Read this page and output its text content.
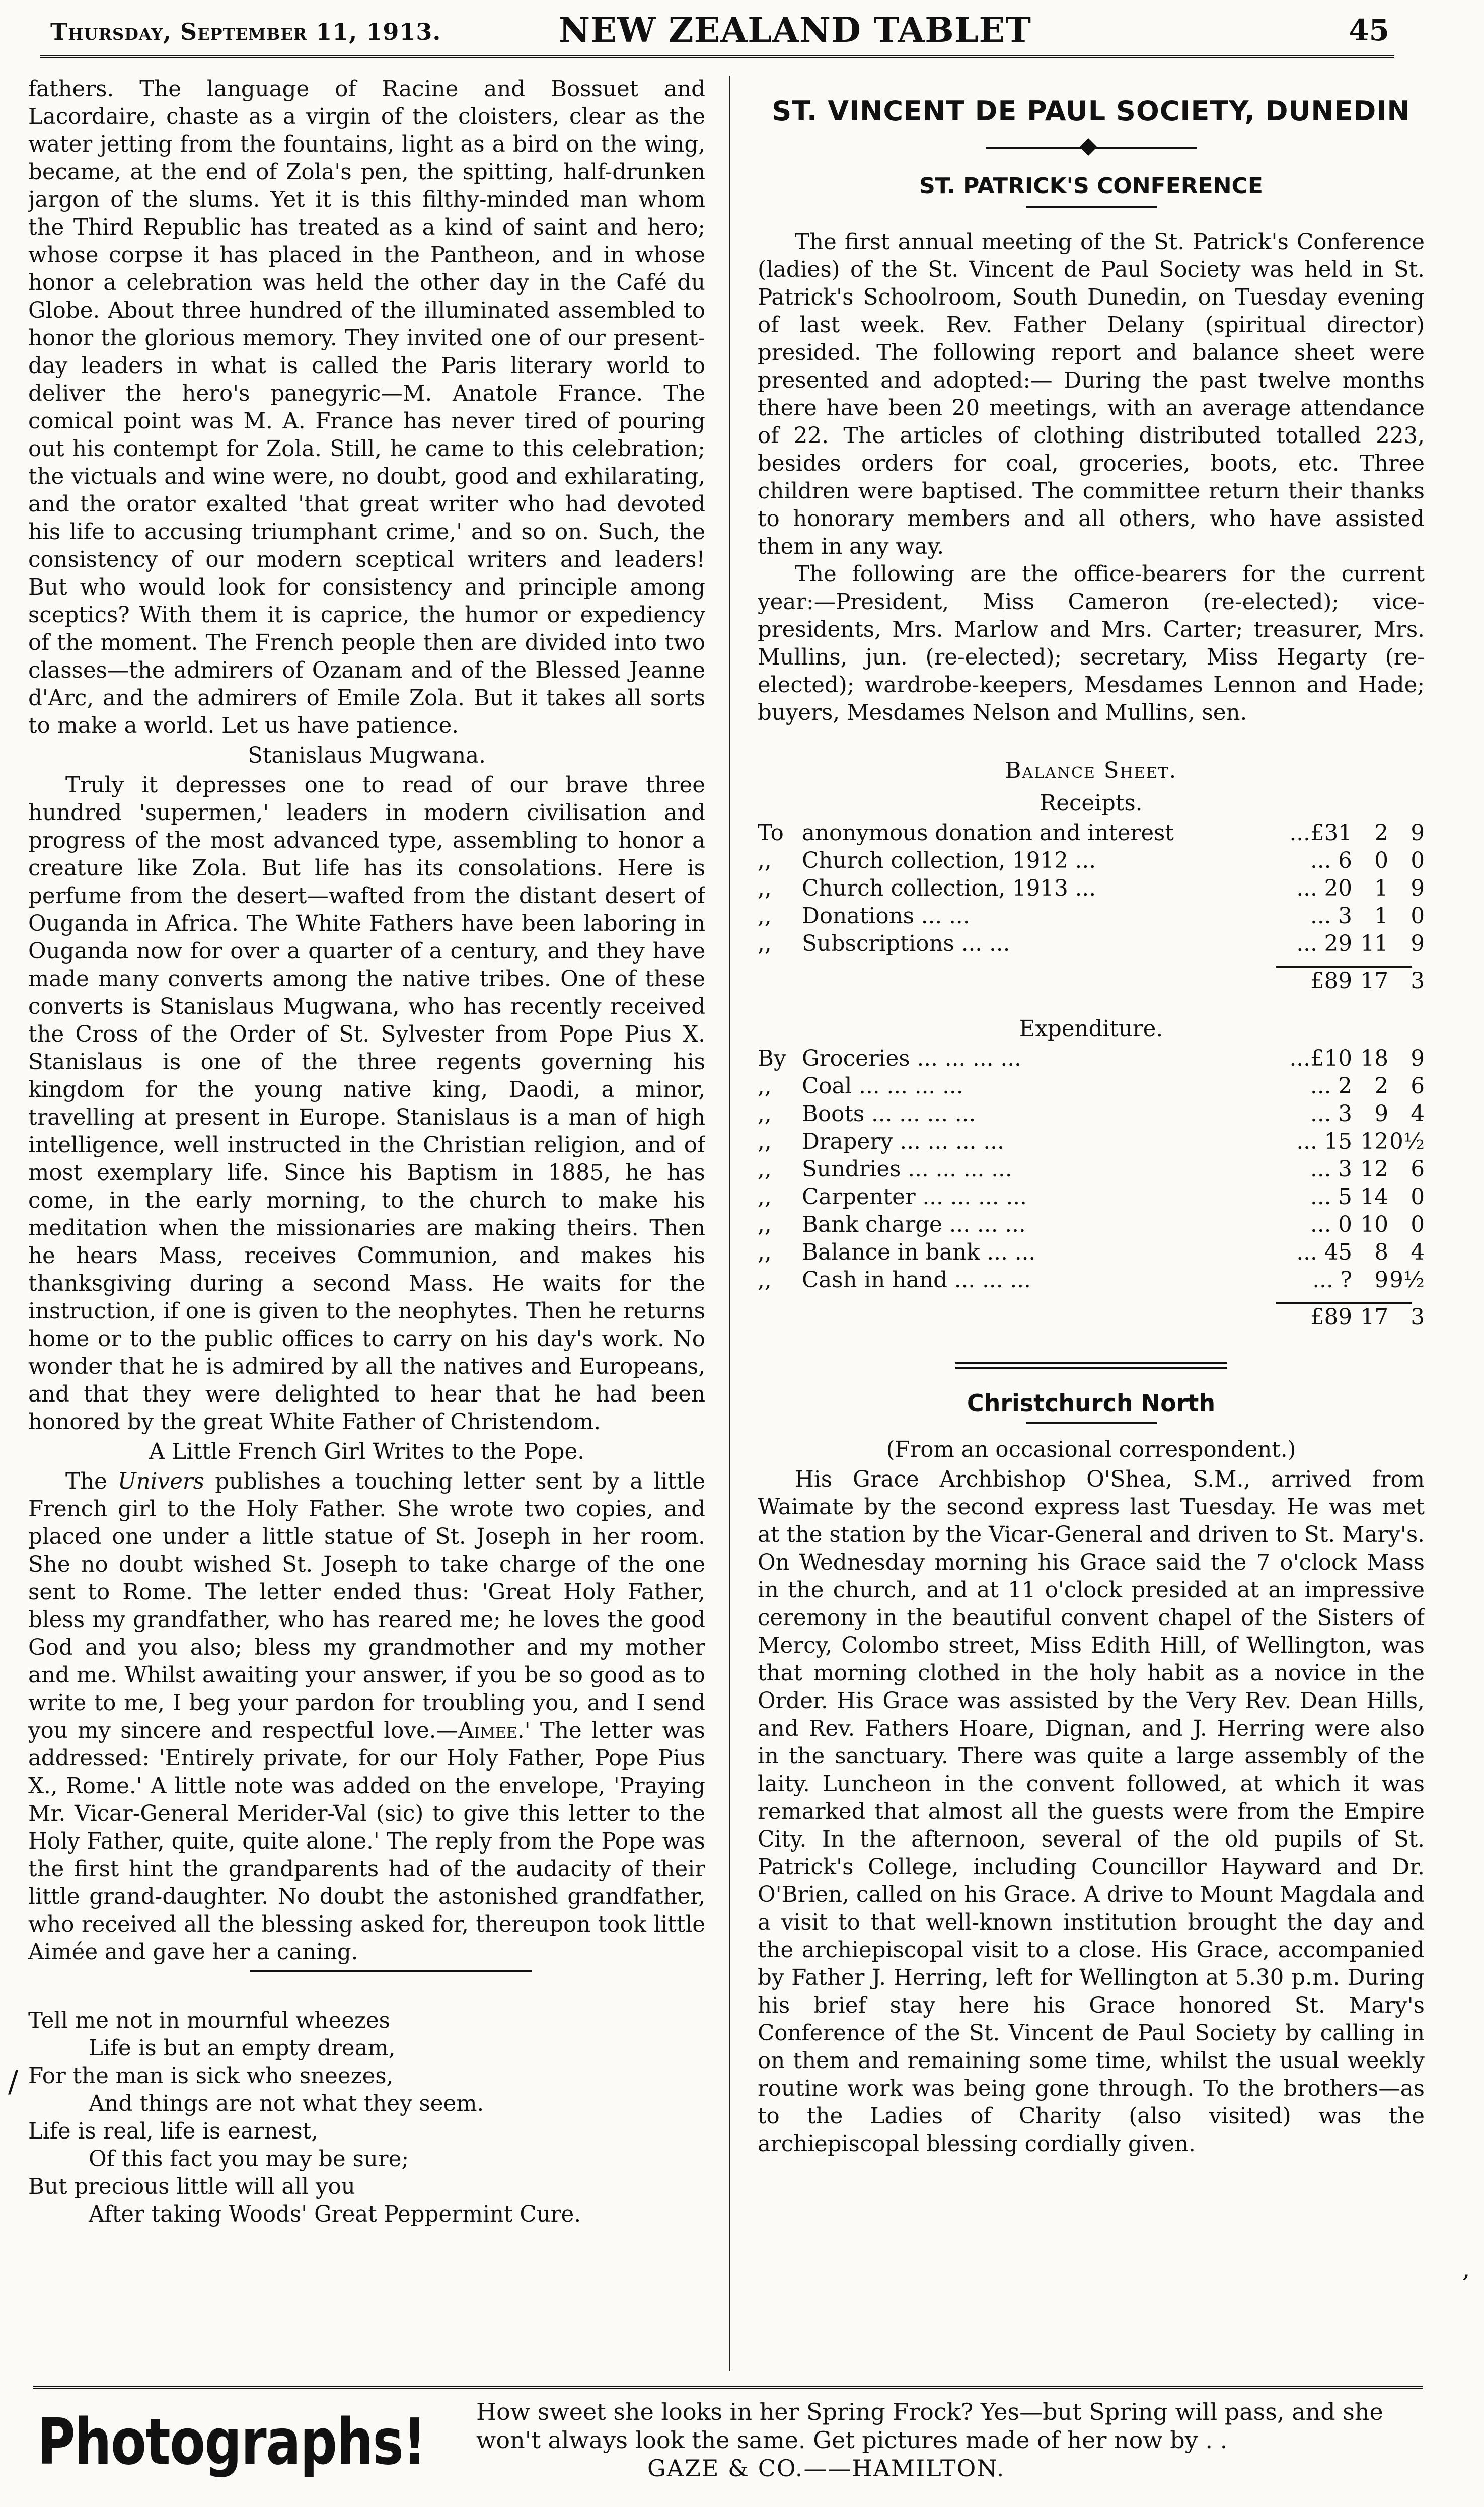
Thursday, September 11, 1913.	NEW ZEALAND TABLET	45

fathers. The language of Racine and Bossuet and Lacordaire, chaste as a virgin of the cloisters, clear as the water jetting from the fountains, light as a bird on the wing, became, at the end of Zola's pen, the spitting, half-drunken jargon of the slums. Yet it is this filthy-minded man whom the Third Republic has treated as a kind of saint and hero; whose corpse it has placed in the Pantheon, and in whose honor a celebration was held the other day in the Café du Globe. About three hundred of the illuminated assembled to honor the glorious memory. They invited one of our present-day leaders in what is called the Paris literary world to deliver the hero's panegyric—M. Anatole France. The comical point was M. A. France has never tired of pouring out his contempt for Zola. Still, he came to this celebration; the victuals and wine were, no doubt, good and exhilarating, and the orator exalted 'that great writer who had devoted his life to accusing triumphant crime,' and so on. Such, the consistency of our modern sceptical writers and leaders! But who would look for consistency and principle among sceptics? With them it is caprice, the humor or expediency of the moment. The French people then are divided into two classes—the admirers of Ozanam and of the Blessed Jeanne d'Arc, and the admirers of Emile Zola. But it takes all sorts to make a world. Let us have patience.

Stanislaus Mugwana.

Truly it depresses one to read of our brave three hundred 'supermen,' leaders in modern civilisation and progress of the most advanced type, assembling to honor a creature like Zola. But life has its consolations. Here is perfume from the desert—wafted from the distant desert of Ouganda in Africa. The White Fathers have been laboring in Ouganda now for over a quarter of a century, and they have made many converts among the native tribes. One of these converts is Stanislaus Mugwana, who has recently received the Cross of the Order of St. Sylvester from Pope Pius X. Stanislaus is one of the three regents governing his kingdom for the young native king, Daodi, a minor, travelling at present in Europe. Stanislaus is a man of high intelligence, well instructed in the Christian religion, and of most exemplary life. Since his Baptism in 1885, he has come, in the early morning, to the church to make his meditation when the missionaries are making theirs. Then he hears Mass, receives Communion, and makes his thanksgiving during a second Mass. He waits for the instruction, if one is given to the neophytes. Then he returns home or to the public offices to carry on his day's work. No wonder that he is admired by all the natives and Europeans, and that they were delighted to hear that he had been honored by the great White Father of Christendom.

A Little French Girl Writes to the Pope.

The Univers publishes a touching letter sent by a little French girl to the Holy Father. She wrote two copies, and placed one under a little statue of St. Joseph in her room. She no doubt wished St. Joseph to take charge of the one sent to Rome. The letter ended thus: 'Great Holy Father, bless my grandfather, who has reared me; he loves the good God and you also; bless my grandmother and my mother and me. Whilst awaiting your answer, if you be so good as to write to me, I beg your pardon for troubling you, and I send you my sincere and respectful love.—Aimee.' The letter was addressed: 'Entirely private, for our Holy Father, Pope Pius X., Rome.' A little note was added on the envelope, 'Praying Mr. Vicar-General Merider-Val (sic) to give this letter to the Holy Father, quite, quite alone.' The reply from the Pope was the first hint the grandparents had of the audacity of their little grand-daughter. No doubt the astonished grandfather, who received all the blessing asked for, thereupon took little Aimée and gave her a caning.

Tell me not in mournful wheezes
Life is but an empty dream,
For the man is sick who sneezes,
And things are not what they seem.
Life is real, life is earnest,
Of this fact you may be sure;
But precious little will all you
After taking Woods' Great Peppermint Cure.
ST. VINCENT DE PAUL SOCIETY, DUNEDIN
ST. PATRICK'S CONFERENCE

The first annual meeting of the St. Patrick's Conference (ladies) of the St. Vincent de Paul Society was held in St. Patrick's Schoolroom, South Dunedin, on Tuesday evening of last week. Rev. Father Delany (spiritual director) presided. The following report and balance sheet were presented and adopted:— During the past twelve months there have been 20 meetings, with an average attendance of 22. The articles of clothing distributed totalled 223, besides orders for coal, groceries, boots, etc. Three children were baptised. The committee return their thanks to honorary members and all others, who have assisted them in any way.

The following are the office-bearers for the current year:—President, Miss Cameron (re-elected); vice-presidents, Mrs. Marlow and Mrs. Carter; treasurer, Mrs. Mullins, jun. (re-elected); secretary, Miss Hegarty (re-elected); wardrobe-keepers, Mesdames Lennon and Hade; buyers, Mesdames Nelson and Mullins, sen.

Balance Sheet.
Receipts.
To	anonymous donation and interest	...£31	2	9
,,	Church collection, 1912 ...	... 6	0	0
,,	Church collection, 1913 ...	... 20	1	9
,,	Donations ... ...	... 3	1	0
,,	Subscriptions ... ...	... 29	11	9
	£89	17	3
Expenditure.
By	Groceries ... ... ... ...	...£10	18	9
,,	Coal ... ... ... ...	... 2	2	6
,,	Boots ... ... ... ...	... 3	9	4
,,	Drapery ... ... ... ...	... 15	12	0½
,,	Sundries ... ... ... ...	... 3	12	6
,,	Carpenter ... ... ... ...	... 5	14	0
,,	Bank charge ... ... ...	... 0	10	0
,,	Balance in bank ... ...	... 45	8	4
,,	Cash in hand ... ... ...	... ?	9	9½
	£89	17	3
Christchurch North

(From an occasional correspondent.)

His Grace Archbishop O'Shea, S.M., arrived from Waimate by the second express last Tuesday. He was met at the station by the Vicar-General and driven to St. Mary's. On Wednesday morning his Grace said the 7 o'clock Mass in the church, and at 11 o'clock presided at an impressive ceremony in the beautiful convent chapel of the Sisters of Mercy, Colombo street, Miss Edith Hill, of Wellington, was that morning clothed in the holy habit as a novice in the Order. His Grace was assisted by the Very Rev. Dean Hills, and Rev. Fathers Hoare, Dignan, and J. Herring were also in the sanctuary. There was quite a large assembly of the laity. Luncheon in the convent followed, at which it was remarked that almost all the guests were from the Empire City. In the afternoon, several of the old pupils of St. Patrick's College, including Councillor Hayward and Dr. O'Brien, called on his Grace. A drive to Mount Magdala and a visit to that well-known institution brought the day and the archiepiscopal visit to a close. His Grace, accompanied by Father J. Herring, left for Wellington at 5.30 p.m. During his brief stay here his Grace honored St. Mary's Conference of the St. Vincent de Paul Society by calling in on them and remaining some time, whilst the usual weekly routine work was being gone through. To the brothers—as to the Ladies of Charity (also visited) was the archiepiscopal blessing cordially given.

/
,
Photographs! How sweet she looks in her Spring Frock? Yes—but Spring will pass, and she
won't always look the same. Get pictures made of her now by . .
GAZE & CO.——HAMILTON.
